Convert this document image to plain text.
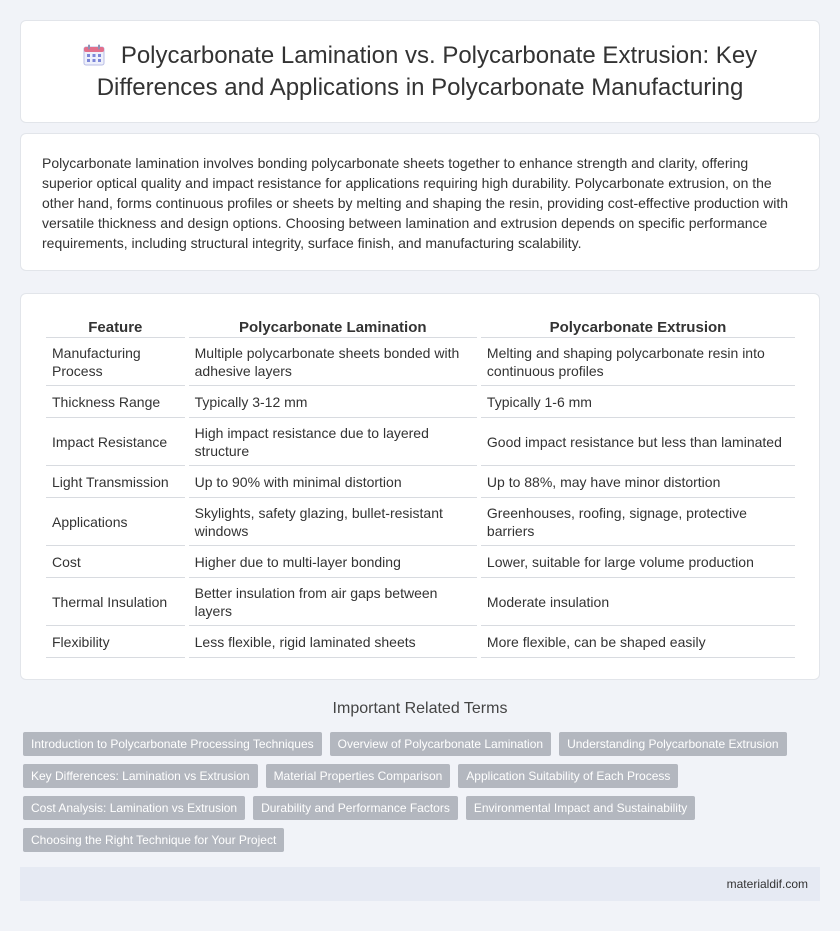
Polycarbonate Lamination vs. Polycarbonate Extrusion: Key Differences and Applications in Polycarbonate Manufacturing

Polycarbonate lamination involves bonding polycarbonate sheets together to enhance strength and clarity, offering superior optical quality and impact resistance for applications requiring high durability. Polycarbonate extrusion, on the other hand, forms continuous profiles or sheets by melting and shaping the resin, providing cost-effective production with versatile thickness and design options. Choosing between lamination and extrusion depends on specific performance requirements, including structural integrity, surface finish, and manufacturing scalability.

Feature	Polycarbonate Lamination	Polycarbonate Extrusion
Manufacturing Process	Multiple polycarbonate sheets bonded with adhesive layers	Melting and shaping polycarbonate resin into continuous profiles
Thickness Range	Typically 3-12 mm	Typically 1-6 mm
Impact Resistance	High impact resistance due to layered structure	Good impact resistance but less than laminated
Light Transmission	Up to 90% with minimal distortion	Up to 88%, may have minor distortion
Applications	Skylights, safety glazing, bullet-resistant windows	Greenhouses, roofing, signage, protective barriers
Cost	Higher due to multi-layer bonding	Lower, suitable for large volume production
Thermal Insulation	Better insulation from air gaps between layers	Moderate insulation
Flexibility	Less flexible, rigid laminated sheets	More flexible, can be shaped easily
Important Related Terms
Introduction to Polycarbonate Processing Techniques	Overview of Polycarbonate Lamination	Understanding Polycarbonate Extrusion
Key Differences: Lamination vs Extrusion	Material Properties Comparison	Application Suitability of Each Process
Cost Analysis: Lamination vs Extrusion	Durability and Performance Factors	Environmental Impact and Sustainability
Choosing the Right Technique for Your Project
materialdif.com
